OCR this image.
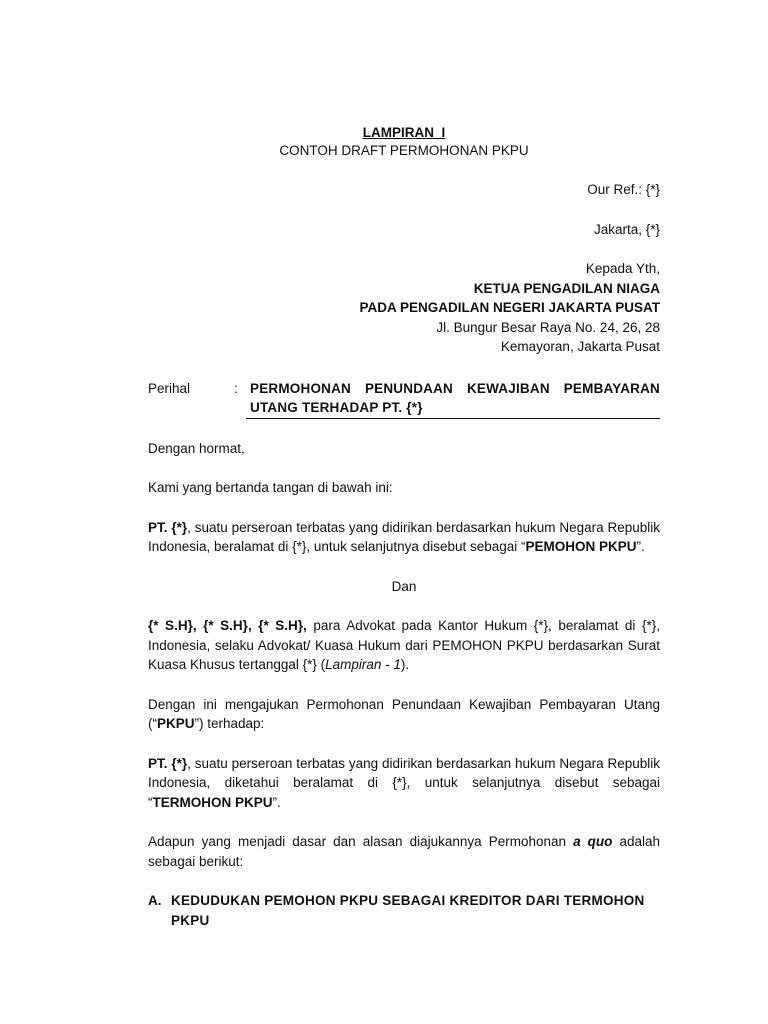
LAMPIRAN  I
CONTOH DRAFT PERMOHONAN PKPU

Our Ref.: {*}

Jakarta, {*}

Kepada Yth,

KETUA PENGADILAN NIAGA

PADA PENGADILAN NEGERI JAKARTA PUSAT

Jl. Bungur Besar Raya No. 24, 26, 28

Kemayoran, Jakarta Pusat

Perihal	: PERMOHONAN PENUNDAAN KEWAJIBAN PEMBAYARAN
UTANG TERHADAP PT. {*}

Dengan hormat,

Kami yang bertanda tangan di bawah ini:

PT. {*}, suatu perseroan terbatas yang didirikan berdasarkan hukum Negara Republik Indonesia, beralamat di {*}, untuk selanjutnya disebut sebagai “PEMOHON PKPU”.

Dan

{* S.H}, {* S.H}, {* S.H}, para Advokat pada Kantor Hukum {*}, beralamat di {*}, Indonesia, selaku Advokat/ Kuasa Hukum dari PEMOHON PKPU berdasarkan Surat Kuasa Khusus tertanggal {*} (Lampiran - 1).

Dengan ini mengajukan Permohonan Penundaan Kewajiban Pembayaran Utang (“PKPU”) terhadap:

PT. {*}, suatu perseroan terbatas yang didirikan berdasarkan hukum Negara Republik Indonesia, diketahui beralamat di {*}, untuk selanjutnya disebut sebagai “TERMOHON PKPU”.

Adapun yang menjadi dasar dan alasan diajukannya Permohonan a quo adalah sebagai berikut:

A. KEDUDUKAN PEMOHON PKPU SEBAGAI KREDITOR DARI TERMOHON PKPU
